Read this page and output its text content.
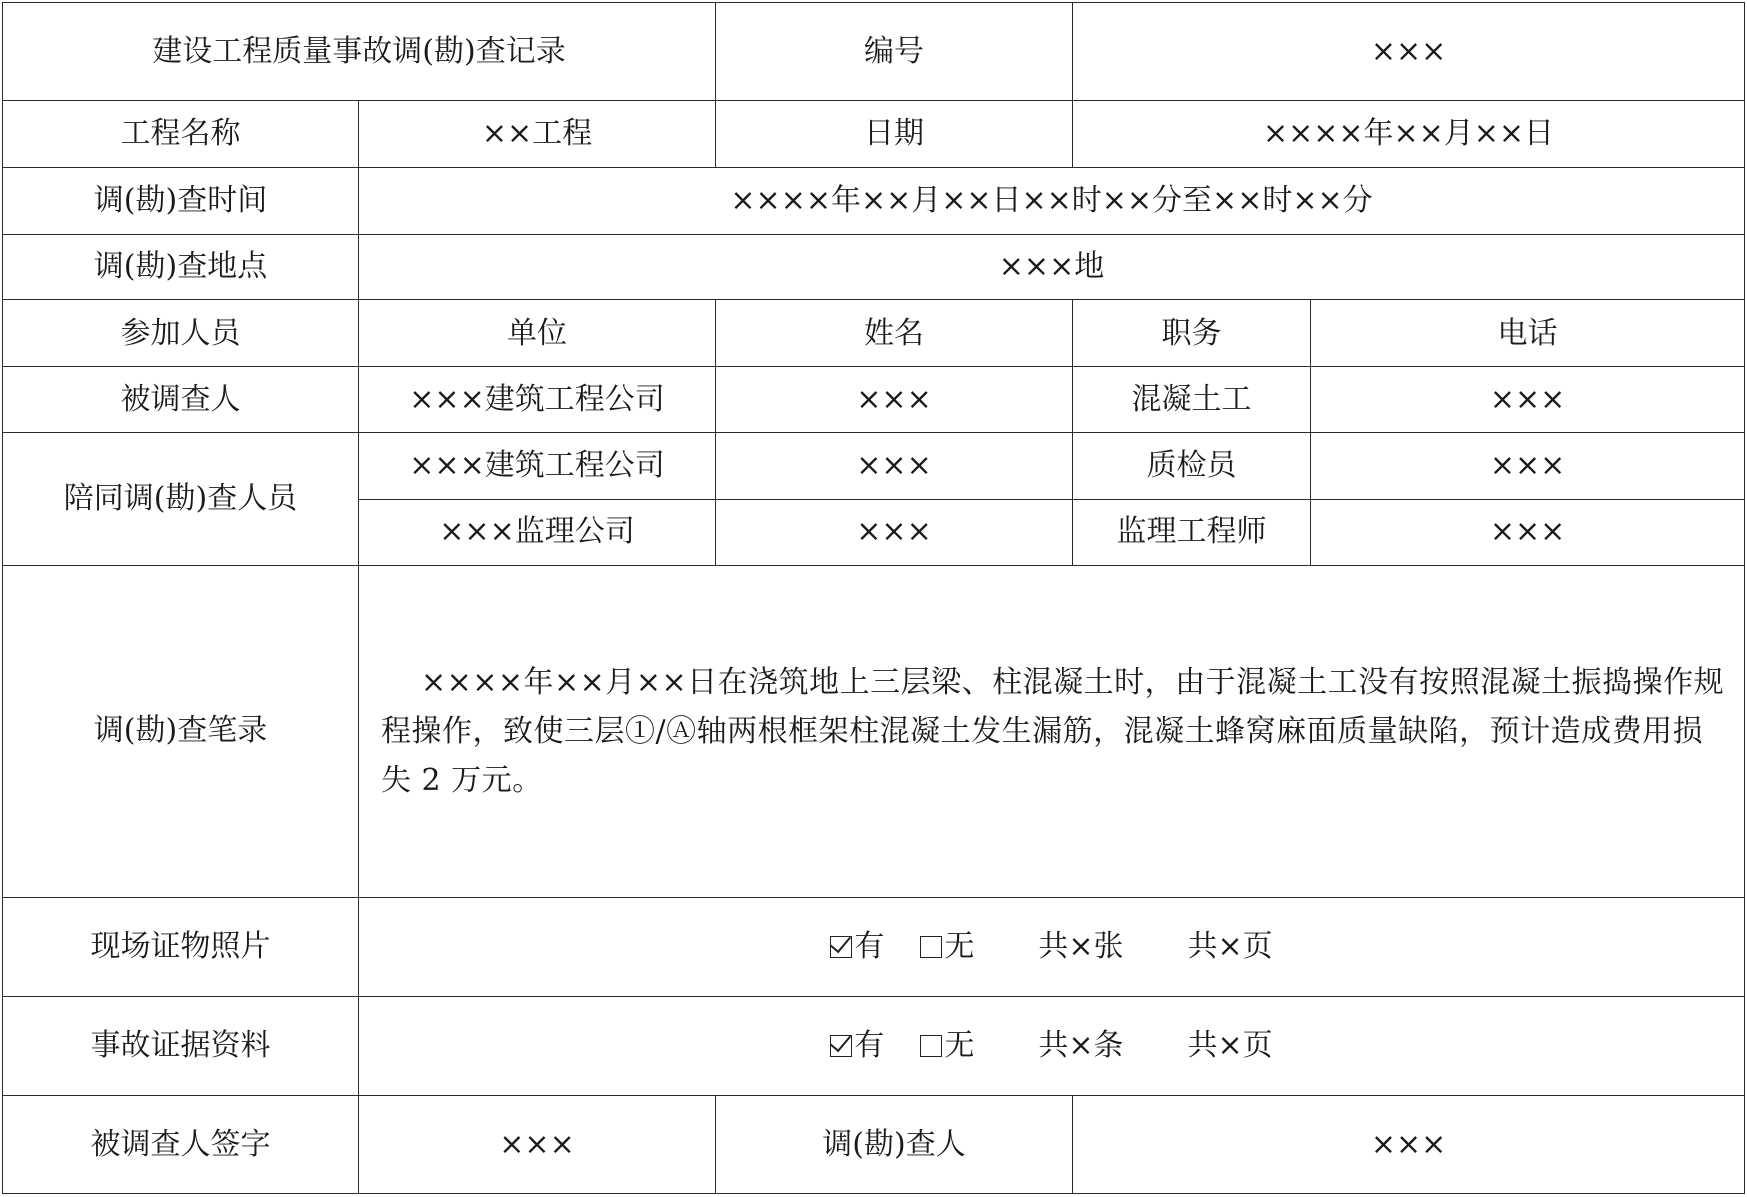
建设工程质量事故调(勘)查记录		编号	×××	
工程名称	××工程	日期	××××年××月××日	
调(勘)查时间	××××年××月××日××时××分至××时××分			
调(勘)查地点	×××地			
参加人员	单位	姓名	职务	电话
被调查人	×××建筑工程公司	×××	混凝土工	×××
陪同调(勘)查人员	×××建筑工程公司	×××	质检员	×××
	×××监理公司	×××	监理工程师	×××
调(勘)查笔录	××××年××月××日在浇筑地上三层梁、柱混凝土时，由于混凝土工没有按照混凝土振捣操作规程操作，致使三层①/Ⓐ轴两根框架柱混凝土发生漏筋，混凝土蜂窝麻面质量缺陷，预计造成费用损失 2 万元。			
现场证物照片	有 无 共×张 共×页			
事故证据资料	有 无 共×条 共×页			
被调查人签字	×××	调(勘)查人	×××	
